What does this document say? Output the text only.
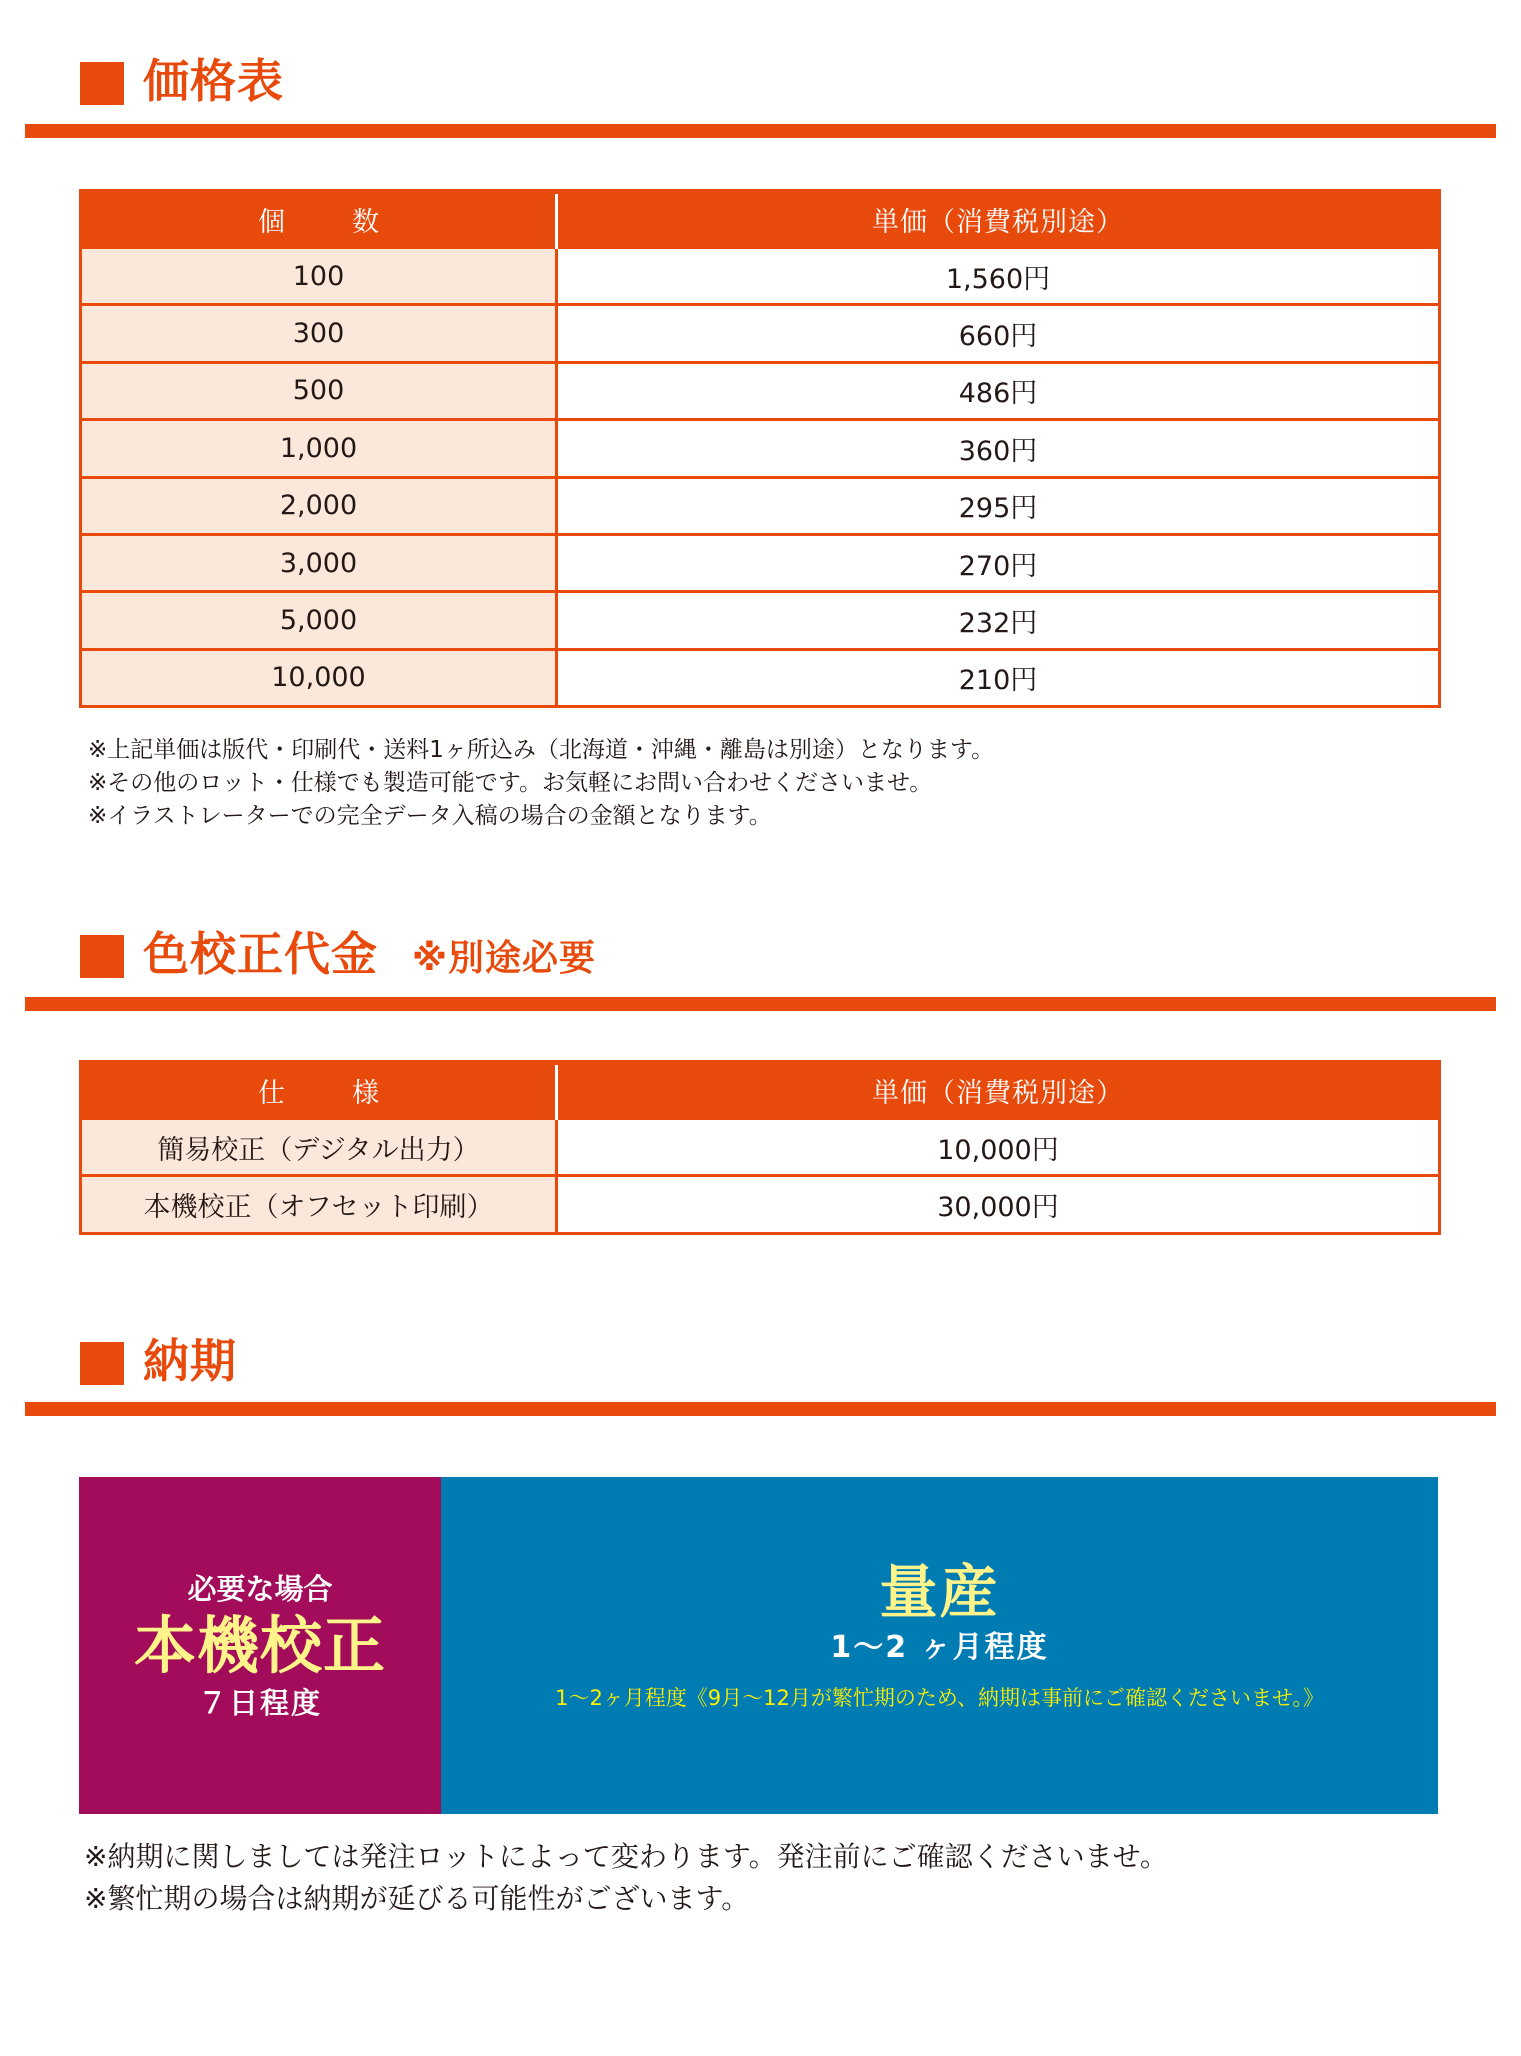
価格表
個　数	単価（消費税別途）
100	1,560円
300	660円
500	486円
1,000	360円
2,000	295円
3,000	270円
5,000	232円
10,000	210円
※上記単価は版代・印刷代・送料1ヶ所込み（北海道・沖縄・離島は別途）となります。
※その他のロット・仕様でも製造可能です。お気軽にお問い合わせくださいませ。
※イラストレーターでの完全データ入稿の場合の金額となります。
色校正代金 ※別途必要
仕　様	単価（消費税別途）
簡易校正（デジタル出力）	10,000円
本機校正（オフセット印刷）	30,000円
納期
必要な場合
本機校正
７日程度
量産
1〜2 ヶ月程度
1〜2ヶ月程度《9月〜12月が繁忙期のため、納期は事前にご確認くださいませ。》
※納期に関しましては発注ロットによって変わります。発注前にご確認くださいませ。
※繁忙期の場合は納期が延びる可能性がございます。
